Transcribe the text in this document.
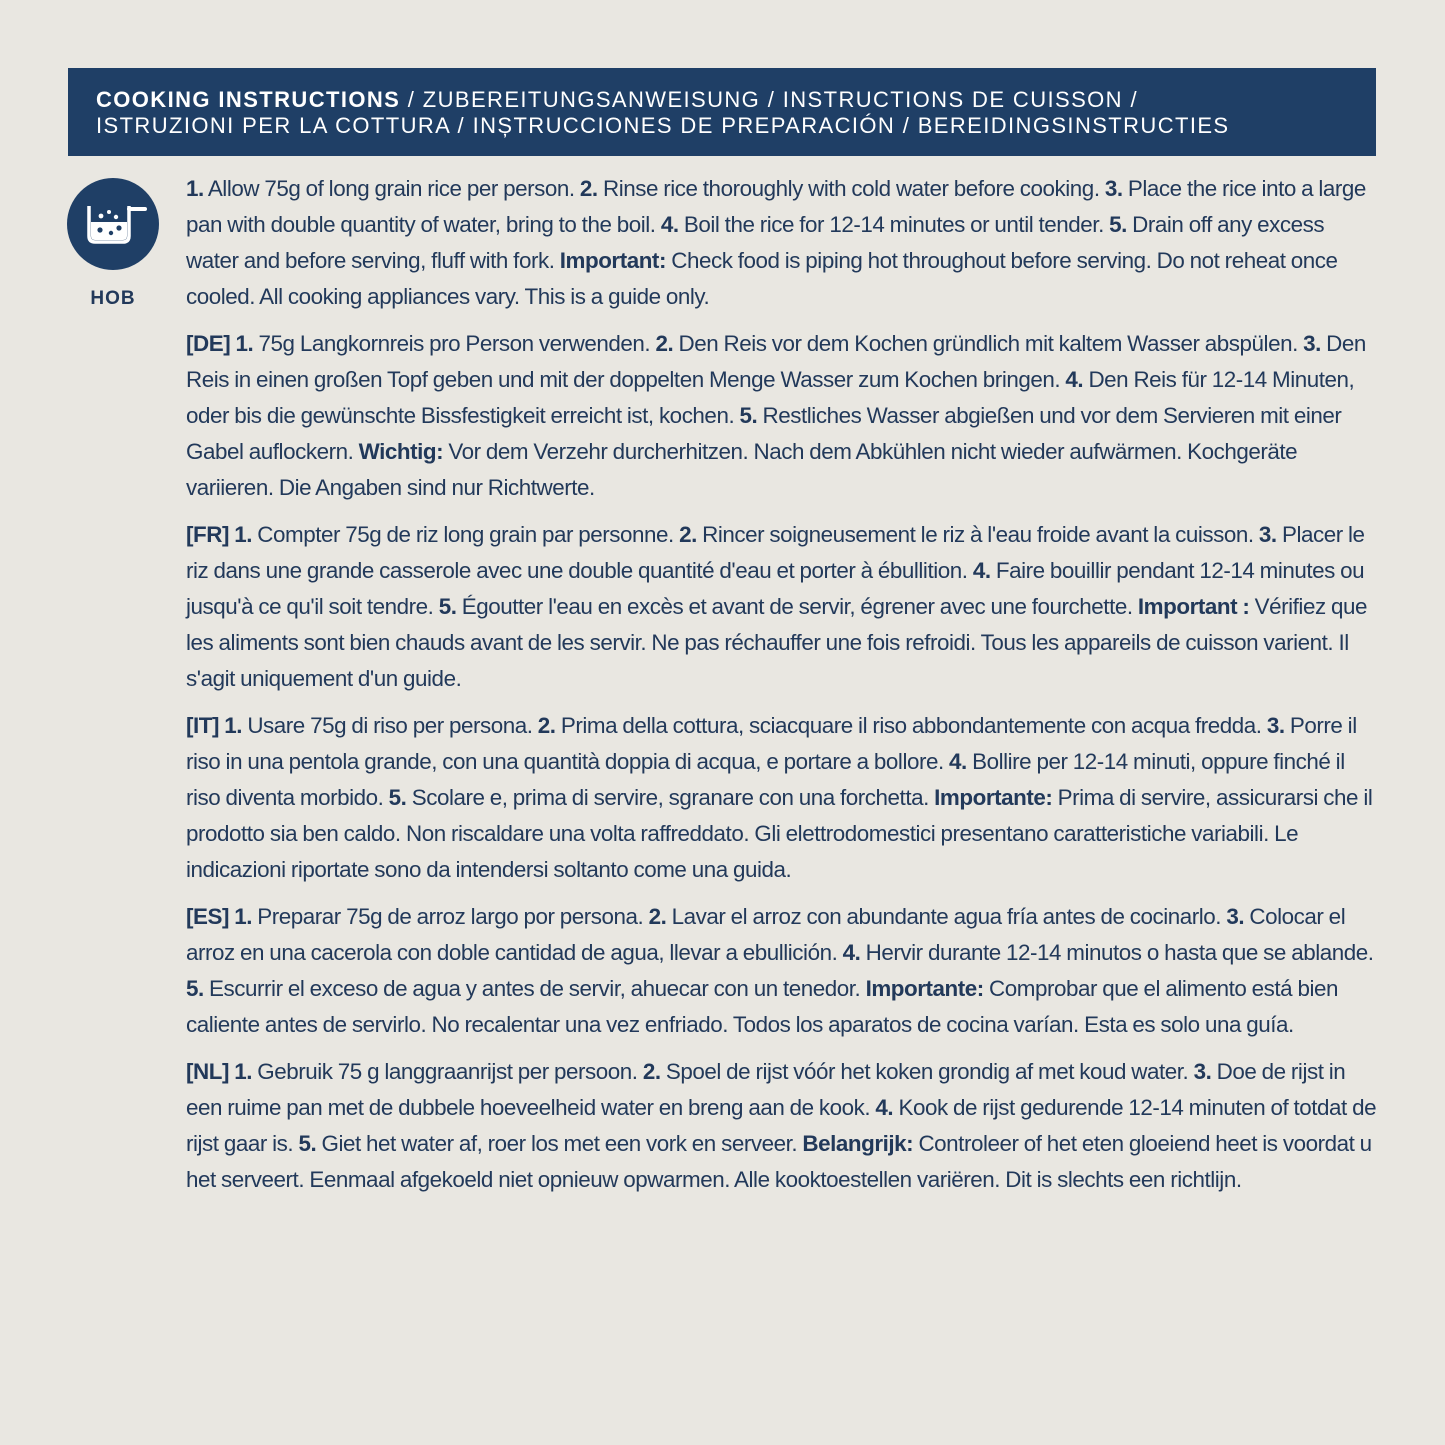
COOKING INSTRUCTIONS / ZUBEREITUNGSANWEISUNG / INSTRUCTIONS DE CUISSON /
ISTRUZIONI PER LA COTTURA / INȘTRUCCIONES DE PREPARACIÓN / BEREIDINGSINSTRUCTIES
HOB

1. Allow 75g of long grain rice per person. 2. Rinse rice thoroughly with cold water before cooking. 3. Place the rice into a large pan with double quantity of water, bring to the boil. 4. Boil the rice for 12-14 minutes or until tender. 5. Drain off any excess water and before serving, fluff with fork. Important: Check food is piping hot throughout before serving. Do not reheat once cooled. All cooking appliances vary. This is a guide only.

[DE] 1. 75g Langkornreis pro Person verwenden. 2. Den Reis vor dem Kochen gründlich mit kaltem Wasser abspülen. 3. Den Reis in einen großen Topf geben und mit der doppelten Menge Wasser zum Kochen bringen. 4. Den Reis für 12-14 Minuten, oder bis die gewünschte Bissfestigkeit erreicht ist, kochen. 5. Restliches Wasser abgießen und vor dem Servieren mit einer Gabel auflockern. Wichtig: Vor dem Verzehr durcherhitzen. Nach dem Abkühlen nicht wieder aufwärmen. Kochgeräte variieren. Die Angaben sind nur Richtwerte.

[FR] 1. Compter 75g de riz long grain par personne. 2. Rincer soigneusement le riz à l'eau froide avant la cuisson. 3. Placer le riz dans une grande casserole avec une double quantité d'eau et porter à ébullition. 4. Faire bouillir pendant 12-14 minutes ou jusqu'à ce qu'il soit tendre. 5. Égoutter l'eau en excès et avant de servir, égrener avec une fourchette. Important : Vérifiez que les aliments sont bien chauds avant de les servir. Ne pas réchauffer une fois refroidi. Tous les appareils de cuisson varient. Il s'agit uniquement d'un guide.

[IT] 1. Usare 75g di riso per persona. 2. Prima della cottura, sciacquare il riso abbondantemente con acqua fredda. 3. Porre il riso in una pentola grande, con una quantità doppia di acqua, e portare a bollore. 4. Bollire per 12-14 minuti, oppure finché il riso diventa morbido. 5. Scolare e, prima di servire, sgranare con una forchetta. Importante: Prima di servire, assicurarsi che il prodotto sia ben caldo. Non riscaldare una volta raffreddato. Gli elettrodomestici presentano caratteristiche variabili. Le indicazioni riportate sono da intendersi soltanto come una guida.

[ES] 1. Preparar 75g de arroz largo por persona. 2. Lavar el arroz con abundante agua fría antes de cocinarlo. 3. Colocar el arroz en una cacerola con doble cantidad de agua, llevar a ebullición. 4. Hervir durante 12-14 minutos o hasta que se ablande. 5. Escurrir el exceso de agua y antes de servir, ahuecar con un tenedor. Importante: Comprobar que el alimento está bien caliente antes de servirlo. No recalentar una vez enfriado. Todos los aparatos de cocina varían. Esta es solo una guía.

[NL] 1. Gebruik 75 g langgraanrijst per persoon. 2. Spoel de rijst vóór het koken grondig af met koud water. 3. Doe de rijst in een ruime pan met de dubbele hoeveelheid water en breng aan de kook. 4. Kook de rijst gedurende 12-14 minuten of totdat de rijst gaar is. 5. Giet het water af, roer los met een vork en serveer. Belangrijk: Controleer of het eten gloeiend heet is voordat u het serveert. Eenmaal afgekoeld niet opnieuw opwarmen. Alle kooktoestellen variëren. Dit is slechts een richtlijn.
